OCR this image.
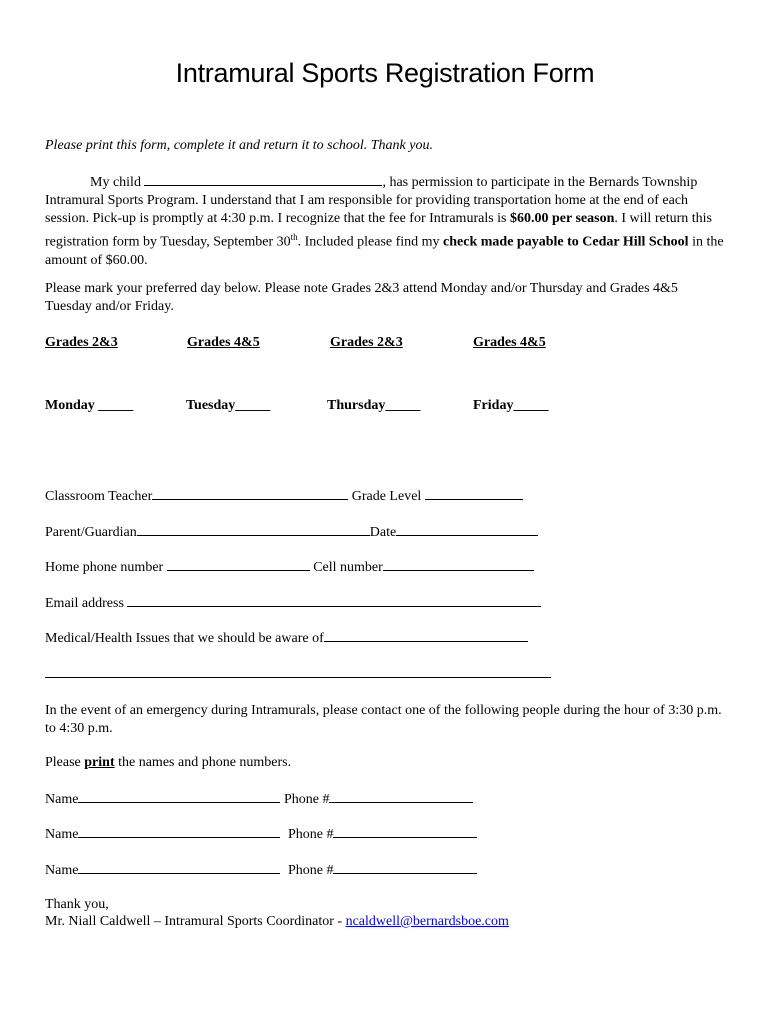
Intramural Sports Registration Form
Please print this form, complete it and return it to school. Thank you.
My child	, has permission to participate in the Bernards Township Intramural Sports Program. I understand that I am responsible for providing transportation home at the end of each session. Pick-up is promptly at 4:30 p.m. I recognize that the fee for Intramurals is $60.00 per season. I will return this registration form by Tuesday, September 30th. Included please find my check made payable to Cedar Hill School in the amount of $60.00.
Please mark your preferred day below. Please note Grades 2&3 attend Monday and/or Thursday and Grades 4&5 Tuesday and/or Friday.
Grades 2&3	Grades 4&5	Grades 2&3	Grades 4&5
Monday _____	Tuesday_____	Thursday_____	Friday_____
Classroom Teacher	Grade Level
Parent/Guardian	Date
Home phone number	Cell number
Email address
Medical/Health Issues that we should be aware of
In the event of an emergency during Intramurals, please contact one of the following people during the hour of 3:30 p.m. to 4:30 p.m.
Please print the names and phone numbers.
Name	Phone #
Name	Phone #
Name	Phone #
Thank you,
Mr. Niall Caldwell – Intramural Sports Coordinator - ncaldwell@bernardsboe.com
